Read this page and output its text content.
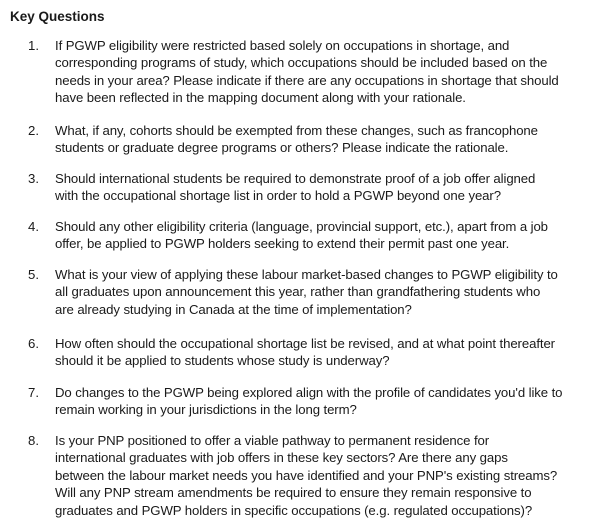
Key Questions
1.	If PGWP eligibility were restricted based solely on occupations in shortage, and
corresponding programs of study, which occupations should be included based on the
needs in your area? Please indicate if there are any occupations in shortage that should
have been reflected in the mapping document along with your rationale.
2.	What, if any, cohorts should be exempted from these changes, such as francophone
students or graduate degree programs or others? Please indicate the rationale.
3.	Should international students be required to demonstrate proof of a job offer aligned
with the occupational shortage list in order to hold a PGWP beyond one year?
4.	Should any other eligibility criteria (language, provincial support, etc.), apart from a job
offer, be applied to PGWP holders seeking to extend their permit past one year.
5.	What is your view of applying these labour market-based changes to PGWP eligibility to
all graduates upon announcement this year, rather than grandfathering students who
are already studying in Canada at the time of implementation?
6.	How often should the occupational shortage list be revised, and at what point thereafter
should it be applied to students whose study is underway?
7.	Do changes to the PGWP being explored align with the profile of candidates you'd like to
remain working in your jurisdictions in the long term?
8.	Is your PNP positioned to offer a viable pathway to permanent residence for
international graduates with job offers in these key sectors? Are there any gaps
between the labour market needs you have identified and your PNP's existing streams?
Will any PNP stream amendments be required to ensure they remain responsive to
graduates and PGWP holders in specific occupations (e.g. regulated occupations)?
